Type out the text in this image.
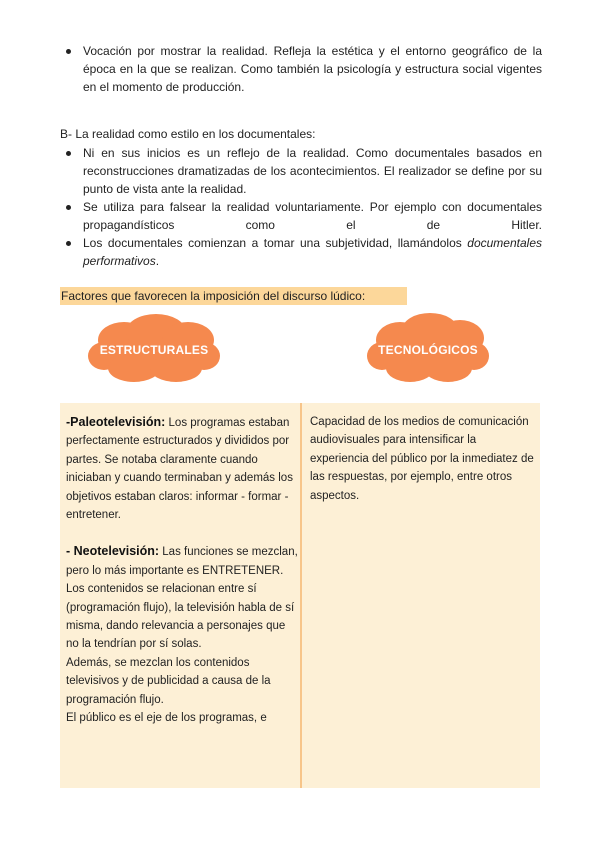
Vocación por mostrar la realidad. Refleja la estética y el entorno geográfico de la época en la que se realizan. Como también la psicología y estructura social vigentes en el momento de producción.
B- La realidad como estilo en los documentales:
Ni en sus inicios es un reflejo de la realidad. Como documentales basados en reconstrucciones dramatizadas de los acontecimientos. El realizador se define por su punto de vista ante la realidad.
Se utiliza para falsear la realidad voluntariamente. Por ejemplo con documentales propagandísticos como el de Hitler.
Los documentales comienzan a tomar una subjetividad, llamándolos documentales performativos.
Factores que favorecen la imposición del discurso lúdico:
ESTRUCTURALES	TECNOLÓGICOS

-Paleotelevisión: Los programas estaban perfectamente estructurados y divididos por partes. Se notaba claramente cuando iniciaban y cuando terminaban y además los objetivos estaban claros: informar - formar - entretener.

- Neotelevisión: Las funciones se mezclan, pero lo más importante es ENTRETENER.

Los contenidos se relacionan entre sí (programación flujo), la televisión habla de sí misma, dando relevancia a personajes que no la tendrían por sí solas.

Además, se mezclan los contenidos televisivos y de publicidad a causa de la programación flujo.

El público es el eje de los programas, e

Capacidad de los medios de comunicación audiovisuales para intensificar la experiencia del público por la inmediatez de las respuestas, por ejemplo, entre otros aspectos.
